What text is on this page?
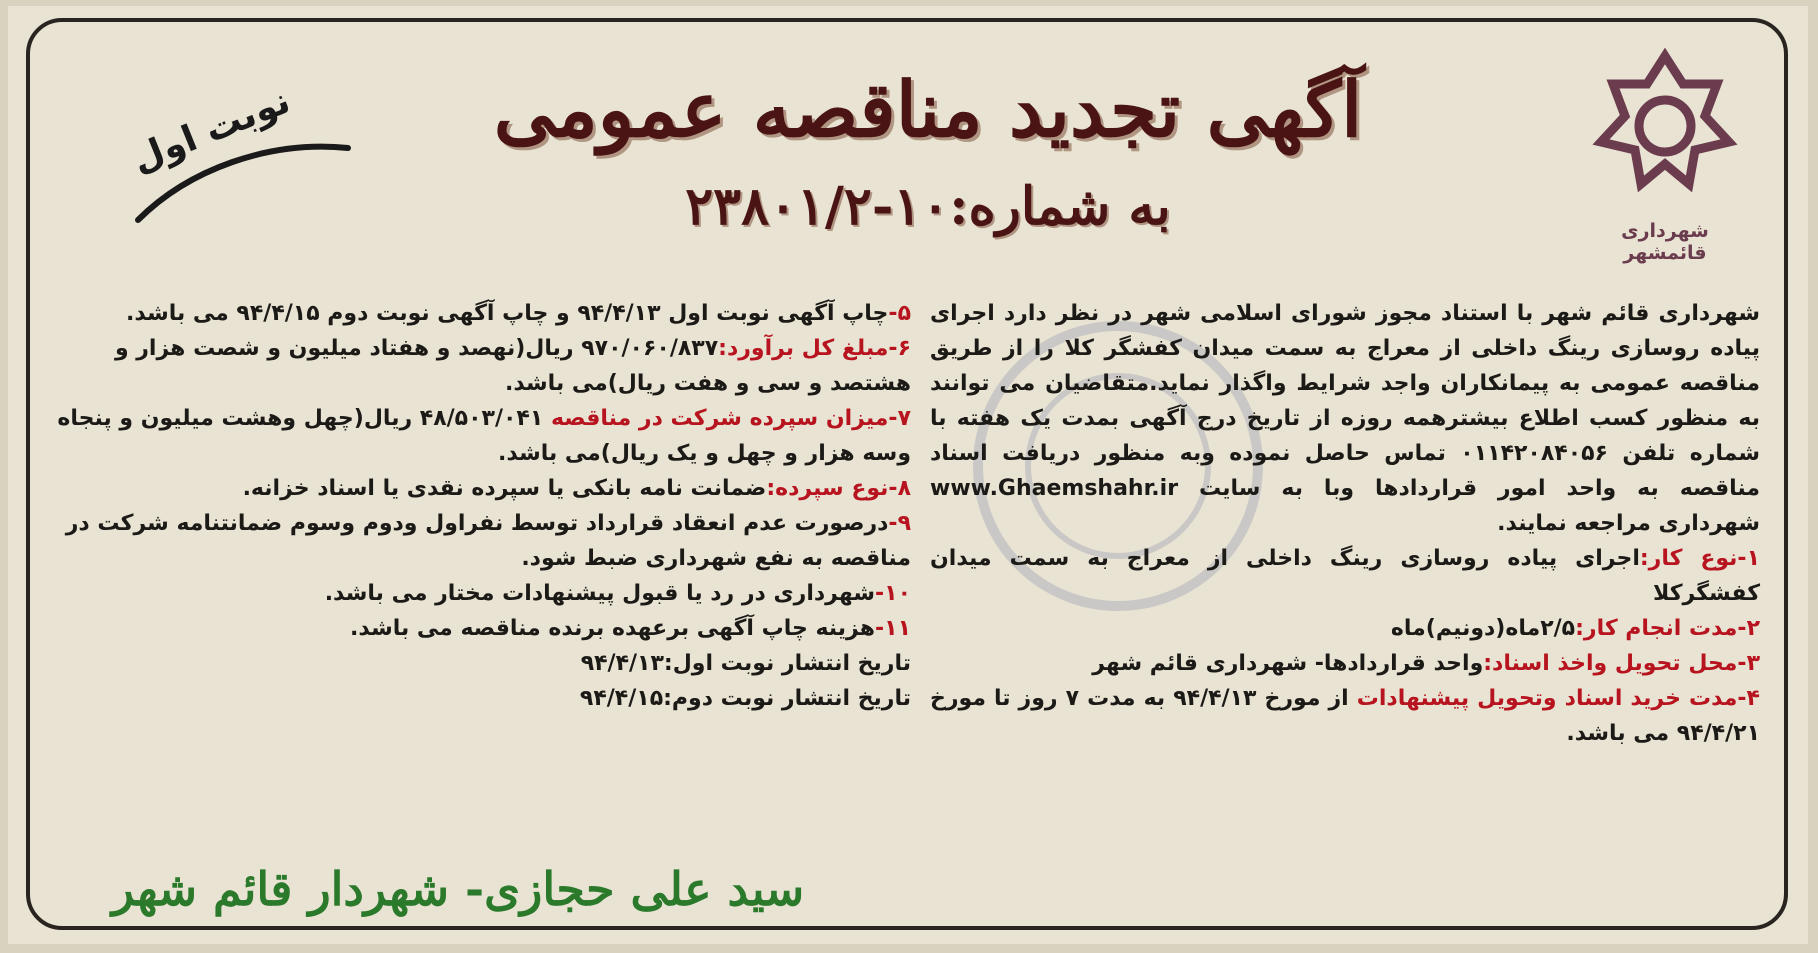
شهرداری قائمشهر
آگهی تجدید مناقصه عمومی
به شماره:۱۰-۲۳۸۰۱/۲
نوبت اول

شهرداری قائم شهر با استناد مجوز شورای اسلامی شهر در نظر دارد اجرای پیاده روسازی رینگ داخلی از معراج به سمت میدان کفشگر کلا را از طریق مناقصه عمومی به پیمانکاران واجد شرایط واگذار نماید.متقاضیان می توانند به منظور کسب اطلاع بیشترهمه روزه از تاریخ درج آگهی بمدت یک هفته با شماره تلفن ۰۱۱۴۲۰۸۴۰۵۶ تماس حاصل نموده وبه منظور دریافت اسناد مناقصه به واحد امور قراردادها وبا به سایت www.Ghaemshahr.ir شهرداری مراجعه نمایند.

۱-نوع کار:اجرای پیاده روسازی رینگ داخلی از معراج به سمت میدان کفشگرکلا

۲-مدت انجام کار:۲/۵ماه(دونیم)ماه

۳-محل تحویل واخذ اسناد:واحد قراردادها- شهرداری قائم شهر

۴-مدت خرید اسناد وتحویل پیشنهادات از مورخ ۹۴/۴/۱۳ به مدت ۷ روز تا مورخ ۹۴/۴/۲۱ می باشد.

۵-چاپ آگهی نوبت اول ۹۴/۴/۱۳ و چاپ آگهی نوبت دوم ۹۴/۴/۱۵ می باشد.

۶-مبلغ کل برآورد:۹۷۰/۰۶۰/۸۳۷ ریال(نهصد و هفتاد میلیون و شصت هزار و هشتصد و سی و هفت ریال)می باشد.

۷-میزان سپرده شرکت در مناقصه ۴۸/۵۰۳/۰۴۱ ریال(چهل وهشت میلیون و پنجاه وسه هزار و چهل و یک ریال)می باشد.

۸-نوع سپرده:ضمانت نامه بانکی یا سپرده نقدی یا اسناد خزانه.

۹-درصورت عدم انعقاد قرارداد توسط نفراول ودوم وسوم ضمانتنامه شرکت در مناقصه به نفع شهرداری ضبط شود.

۱۰-شهرداری در رد یا قبول پیشنهادات مختار می باشد.

۱۱-هزینه چاپ آگهی برعهده برنده مناقصه می باشد.

تاریخ انتشار نوبت اول:۹۴/۴/۱۳

تاریخ انتشار نوبت دوم:۹۴/۴/۱۵

سید علی حجازی- شهردار قائم شهر
